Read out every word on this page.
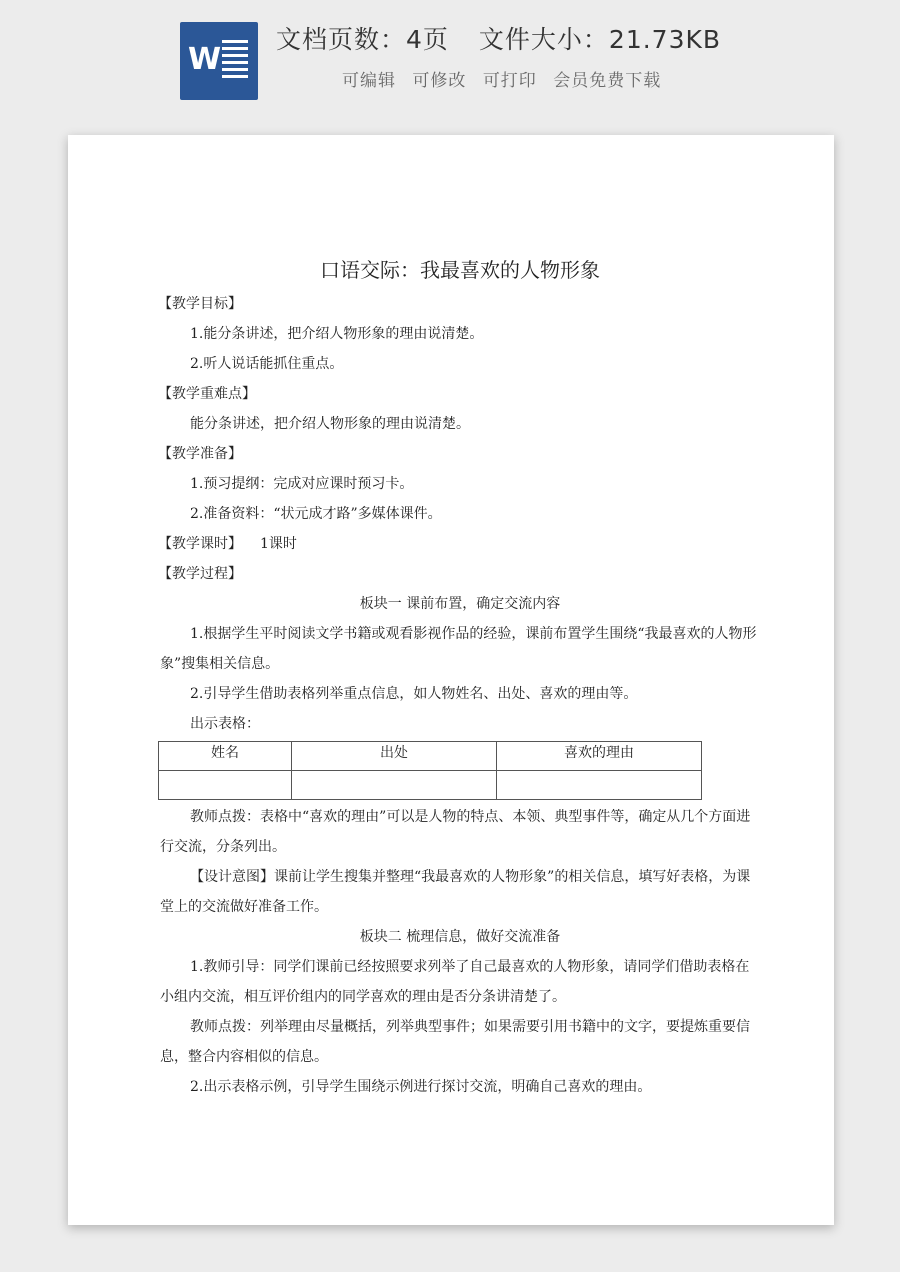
W
文档页数：4页 文件大小：21.73KB
可编辑 可修改 可打印 会员免费下载
口语交际：我最喜欢的人物形象

【教学目标】

1.能分条讲述，把介绍人物形象的理由说清楚。

2.听人说话能抓住重点。

【教学重难点】

能分条讲述，把介绍人物形象的理由说清楚。

【教学准备】

1.预习提纲：完成对应课时预习卡。

2.准备资料：“状元成才路”多媒体课件。

【教学课时】 1课时

【教学过程】

板块一 课前布置，确定交流内容

1.根据学生平时阅读文学书籍或观看影视作品的经验，课前布置学生围绕“我最喜欢的人物形象”搜集相关信息。

2.引导学生借助表格列举重点信息，如人物姓名、出处、喜欢的理由等。

出示表格：

姓名	出处	喜欢的理由

教师点拨：表格中“喜欢的理由”可以是人物的特点、本领、典型事件等，确定从几个方面进行交流，分条列出。

【设计意图】课前让学生搜集并整理“我最喜欢的人物形象”的相关信息，填写好表格，为课堂上的交流做好准备工作。

板块二 梳理信息，做好交流准备

1.教师引导：同学们课前已经按照要求列举了自己最喜欢的人物形象，请同学们借助表格在小组内交流，相互评价组内的同学喜欢的理由是否分条讲清楚了。

教师点拨：列举理由尽量概括，列举典型事件；如果需要引用书籍中的文字，要提炼重要信息，整合内容相似的信息。

2.出示表格示例，引导学生围绕示例进行探讨交流，明确自己喜欢的理由。
